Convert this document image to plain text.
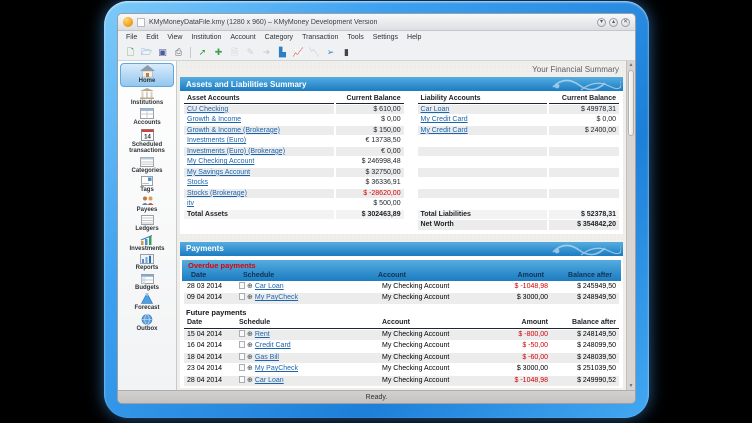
KMyMoneyDataFile.kmy (1280 x 960) – KMyMoney Development Version	▾	▴	✕
File Edit View Institution Account Category Transaction Tools Settings Help
🗋 🗁 ▣ ⎙	➚ ✚ 🗎 ✎ ➜ ▙ 📈 📉 ➢	▮
Home
Institutions
Accounts
14
Scheduled transactions
Categories
Tags
Payees
Ledgers
Investments
Reports
Budgets
Forecast
Outbox
Your Financial Summary
Assets and Liabilities Summary
Asset Accounts	Current Balance		Liability Accounts	Current Balance
CU Checking	$ 610,00		Car Loan	$ 49978,31
Growth & Income	$ 0,00		My Credit Card	$ 0,00
Growth & Income (Brokerage)	$ 150,00		My Credit Card	$ 2400,00
Investments (Euro)	€ 13738,50			
Investments (Euro) (Brokerage)	€ 0,00			
My Checking Account	$ 246998,48			
My Savings Account	$ 32750,00			
Stocks	$ 36336,91			
Stocks (Brokerage)	$ -28620,00			
itv	$ 500,00			
Total Assets	$ 302463,89		Total Liabilities	$ 52378,31
			Net Worth	$ 354842,20
Payments
Overdue payments
Date	Schedule	Account	Amount	Balance after
28 03 2014	⊕ Car Loan	My Checking Account	$ -1048,98	$ 245949,50
09 04 2014	⊕ My PayCheck	My Checking Account	$ 3000,00	$ 248949,50
Future payments
Date	Schedule	Account	Amount	Balance after
15 04 2014	⊕ Rent	My Checking Account	$ -800,00	$ 248149,50
16 04 2014	⊕ Credit Card	My Checking Account	$ -50,00	$ 248099,50
18 04 2014	⊕ Gas Bill	My Checking Account	$ -60,00	$ 248039,50
23 04 2014	⊕ My PayCheck	My Checking Account	$ 3000,00	$ 251039,50
28 04 2014	⊕ Car Loan	My Checking Account	$ -1048,98	$ 249990,52
▲
▼
Ready.
